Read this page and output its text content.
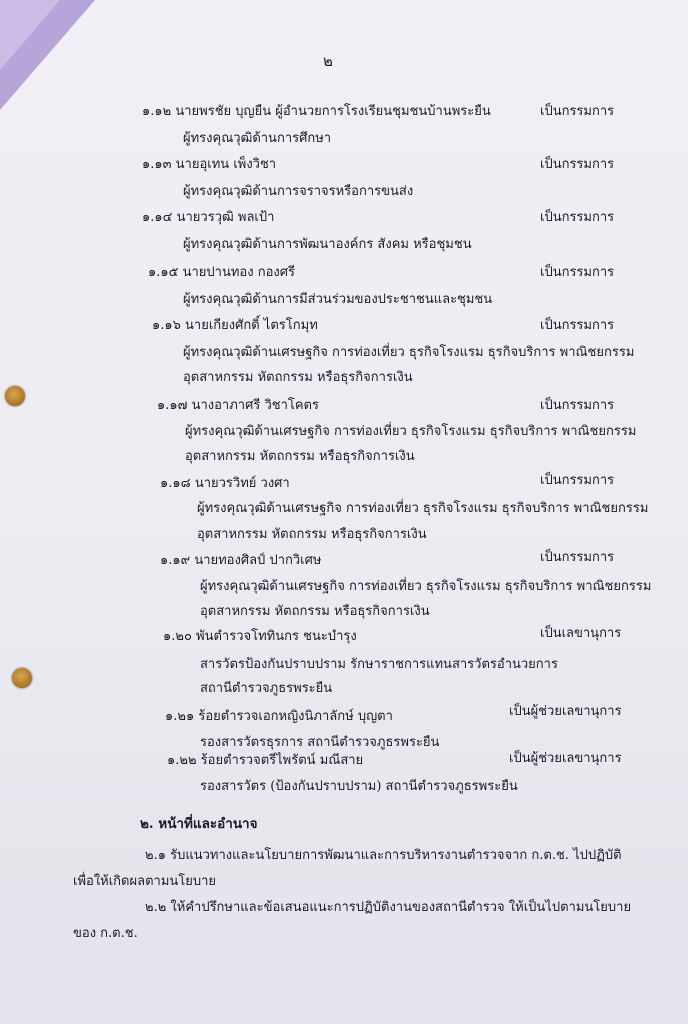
๒
๑.๑๒ นายพรชัย บุญยืน ผู้อำนวยการโรงเรียนชุมชนบ้านพระยืน	เป็นกรรมการ
ผู้ทรงคุณวุฒิด้านการศึกษา
๑.๑๓ นายอุเทน เพ็งวิชา	เป็นกรรมการ
ผู้ทรงคุณวุฒิด้านการจราจรหรือการขนส่ง
๑.๑๔ นายวรวุฒิ พลเป้า	เป็นกรรมการ
ผู้ทรงคุณวุฒิด้านการพัฒนาองค์กร สังคม หรือชุมชน
๑.๑๕ นายปานทอง กองศรี	เป็นกรรมการ
ผู้ทรงคุณวุฒิด้านการมีส่วนร่วมของประชาชนและชุมชน
๑.๑๖ นายเกียงศักดิ์ ไตรโกมุท	เป็นกรรมการ
ผู้ทรงคุณวุฒิด้านเศรษฐกิจ การท่องเที่ยว ธุรกิจโรงแรม ธุรกิจบริการ พาณิชยกรรม
อุตสาหกรรม หัตถกรรม หรือธุรกิจการเงิน
๑.๑๗ นางอาภาศรี วิชาโคตร	เป็นกรรมการ
ผู้ทรงคุณวุฒิด้านเศรษฐกิจ การท่องเที่ยว ธุรกิจโรงแรม ธุรกิจบริการ พาณิชยกรรม
อุตสาหกรรม หัตถกรรม หรือธุรกิจการเงิน
๑.๑๘ นายวรวิทย์ วงศา	เป็นกรรมการ
ผู้ทรงคุณวุฒิด้านเศรษฐกิจ การท่องเที่ยว ธุรกิจโรงแรม ธุรกิจบริการ พาณิชยกรรม
อุตสาหกรรม หัตถกรรม หรือธุรกิจการเงิน
๑.๑๙ นายทองศิลป์ ปากวิเศษ	เป็นกรรมการ
ผู้ทรงคุณวุฒิด้านเศรษฐกิจ การท่องเที่ยว ธุรกิจโรงแรม ธุรกิจบริการ พาณิชยกรรม
อุตสาหกรรม หัตถกรรม หรือธุรกิจการเงิน
๑.๒๐ พันตำรวจโททินกร ชนะบำรุง	เป็นเลขานุการ
สารวัตรป้องกันปราบปราม รักษาราชการแทนสารวัตรอำนวยการ
สถานีตำรวจภูธรพระยืน
๑.๒๑ ร้อยตำรวจเอกหญิงนิภาลักษ์ บุญตา	เป็นผู้ช่วยเลขานุการ
รองสารวัตรธุรการ สถานีตำรวจภูธรพระยืน
๑.๒๒ ร้อยตำรวจตรีไพรัตน์ มณีสาย	เป็นผู้ช่วยเลขานุการ
รองสารวัตร (ป้องกันปราบปราม) สถานีตำรวจภูธรพระยืน
๒. หน้าที่และอำนาจ
๒.๑ รับแนวทางและนโยบายการพัฒนาและการบริหารงานตำรวจจาก ก.ต.ช. ไปปฏิบัติ
เพื่อให้เกิดผลตามนโยบาย
๒.๒ ให้คำปรึกษาและข้อเสนอแนะการปฏิบัติงานของสถานีตำรวจ ให้เป็นไปตามนโยบาย
ของ ก.ต.ช.
